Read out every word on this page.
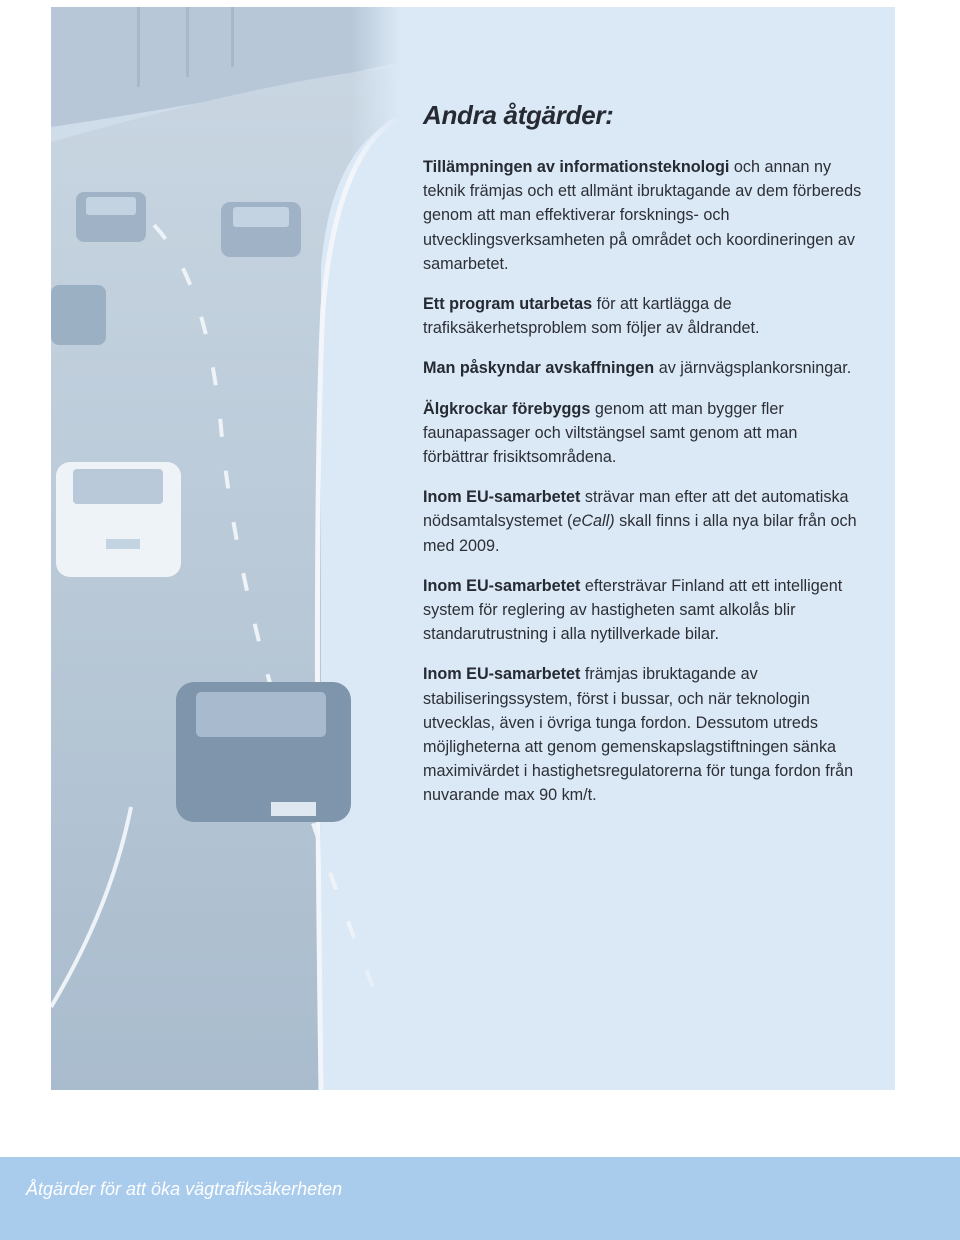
Andra åtgärder:

Tillämpningen av informationsteknologi och annan ny teknik främjas och ett allmänt ibruktagande av dem förbereds genom att man effektiverar forsknings- och utvecklingsverksamheten på området och koordineringen av samarbetet.

Ett program utarbetas för att kartlägga de trafiksäkerhetsproblem som följer av åldrandet.

Man påskyndar avskaffningen av järnvägsplankorsningar.

Älgkrockar förebyggs genom att man bygger fler faunapassager och viltstängsel samt genom att man förbättrar frisiktsområdena.

Inom EU-samarbetet strävar man efter att det automatiska nödsamtalsystemet (eCall) skall finns i alla nya bilar från och med 2009.

Inom EU-samarbetet eftersträvar Finland att ett intelligent system för reglering av hastigheten samt alkolås blir standarutrustning i alla nytillverkade bilar.

Inom EU-samarbetet främjas ibruktagande av stabiliseringssystem, först i bussar, och när teknologin utvecklas, även i övriga tunga fordon. Dessutom utreds möjligheterna att genom gemenskapslagstiftningen sänka maximivärdet i hastighetsregulatorerna för tunga fordon från nuvarande max 90 km/t.

Åtgärder för att öka vägtrafiksäkerheten
